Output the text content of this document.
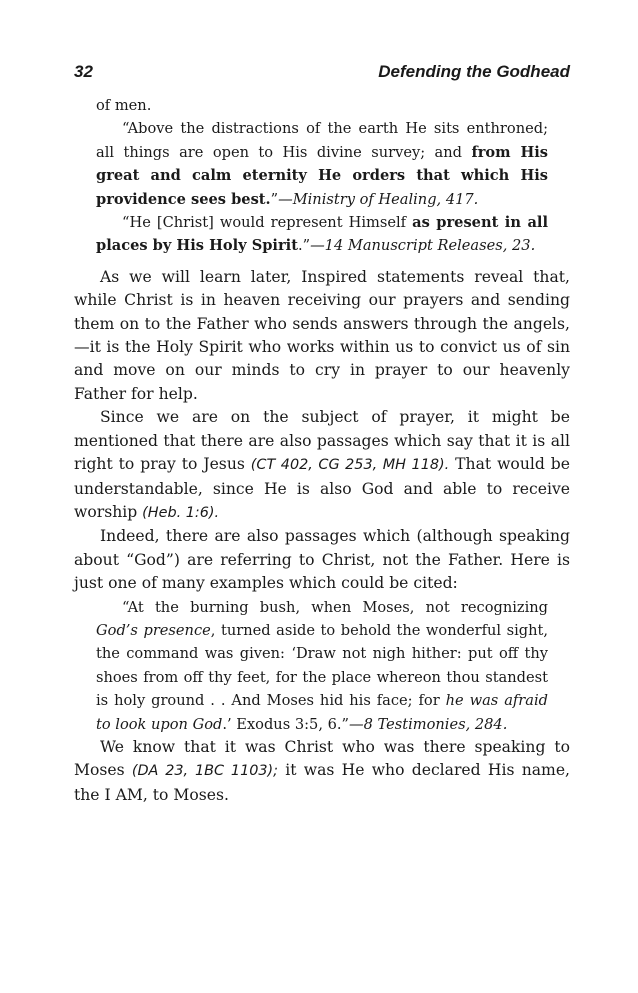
32	Defending the Godhead

of men.

“Above the distractions of the earth He sits enthroned; all things are open to His divine survey; and from His great and calm eternity He orders that which His providence sees best.”—Ministry of Healing, 417.

“He [Christ] would represent Himself as present in all places by His Holy Spirit.”—14 Manuscript Releases, 23.

As we will learn later, Inspired statements reveal that, while Christ is in heaven receiving our prayers and sending them on to the Father who sends answers through the angels,—it is the Holy Spirit who works within us to convict us of sin and move on our minds to cry in prayer to our heavenly Father for help.

Since we are on the subject of prayer, it might be mentioned that there are also passages which say that it is all right to pray to Jesus (CT 402, CG 253, MH 118). That would be understandable, since He is also God and able to receive worship (Heb. 1:6).

Indeed, there are also passages which (although speaking about “God”) are referring to Christ, not the Father. Here is just one of many examples which could be cited:

“At the burning bush, when Moses, not recognizing God’s presence, turned aside to behold the wonderful sight, the command was given: ‘Draw not nigh hither: put off thy shoes from off thy feet, for the place whereon thou standest is holy ground . . And Moses hid his face; for he was afraid to look upon God.’ Exodus 3:5, 6.”—8 Testimonies, 284.

We know that it was Christ who was there speaking to Moses (DA 23, 1BC 1103); it was He who declared His name, the I AM, to Moses.
